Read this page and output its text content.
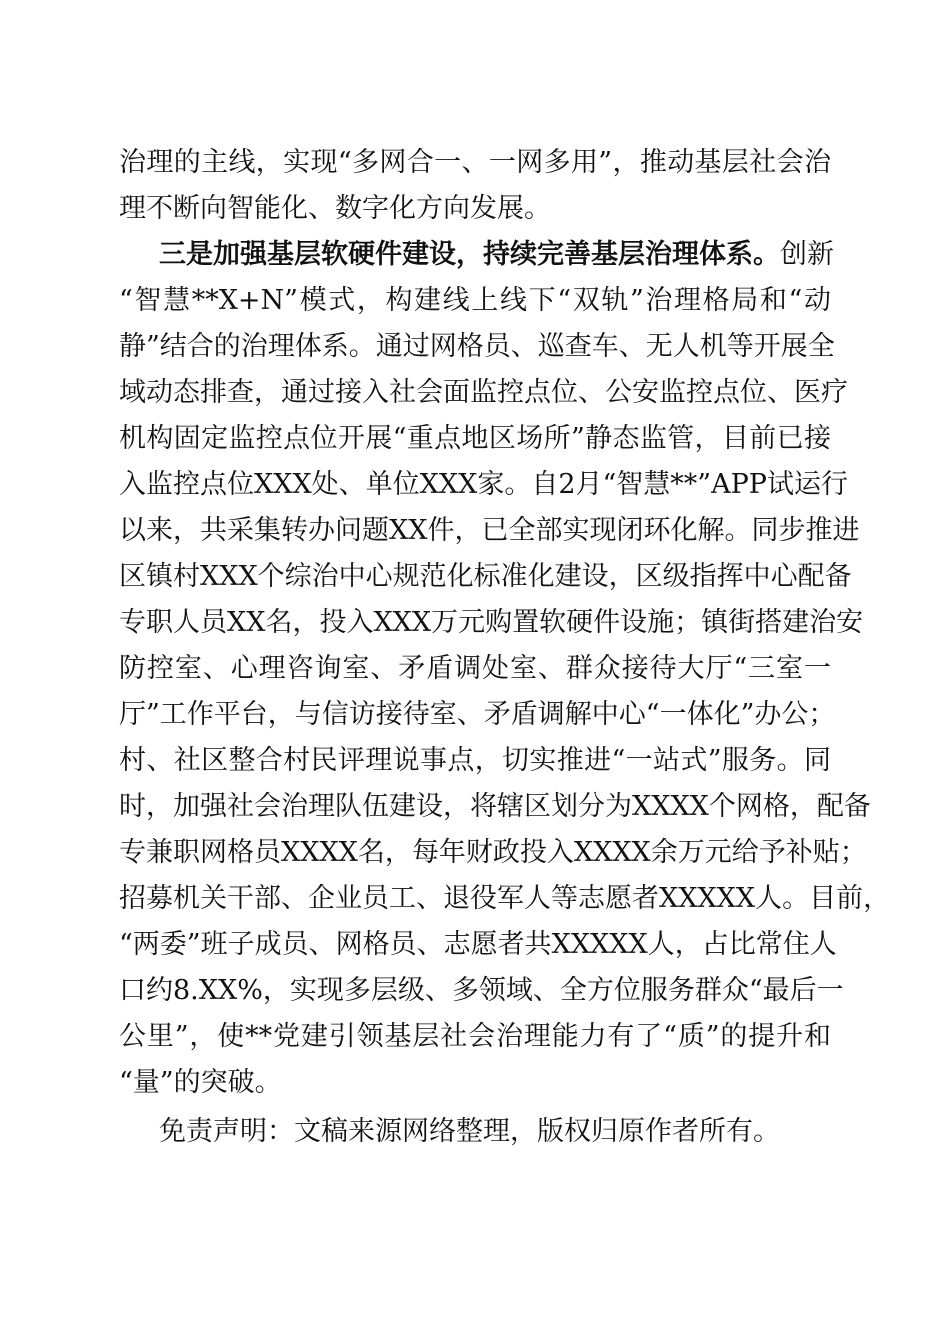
治理的主线，实现“多网合一、一网多用”，推动基层社会治
理不断向智能化、数字化方向发展。
三是加强基层软硬件建设，持续完善基层治理体系。创新
“智慧**X+N”模式，构建线上线下“双轨”治理格局和“动
静”结合的治理体系。通过网格员、巡查车、无人机等开展全
域动态排查，通过接入社会面监控点位、公安监控点位、医疗
机构固定监控点位开展“重点地区场所”静态监管，目前已接
入监控点位XXX处、单位XXX家。自2月“智慧**”APP试运行
以来，共采集转办问题XX件，已全部实现闭环化解。同步推进
区镇村XXX个综治中心规范化标准化建设，区级指挥中心配备
专职人员XX名，投入XXX万元购置软硬件设施；镇街搭建治安
防控室、心理咨询室、矛盾调处室、群众接待大厅“三室一
厅”工作平台，与信访接待室、矛盾调解中心“一体化”办公；
村、社区整合村民评理说事点，切实推进“一站式”服务。同
时，加强社会治理队伍建设，将辖区划分为XXXX个网格，配备
专兼职网格员XXXX名，每年财政投入XXXX余万元给予补贴；
招募机关干部、企业员工、退役军人等志愿者XXXXX人。目前，
“两委”班子成员、网格员、志愿者共XXXXX人，占比常住人
口约8.XX%，实现多层级、多领域、全方位服务群众“最后一
公里”，使**党建引领基层社会治理能力有了“质”的提升和
“量”的突破。
免责声明：文稿来源网络整理，版权归原作者所有。
